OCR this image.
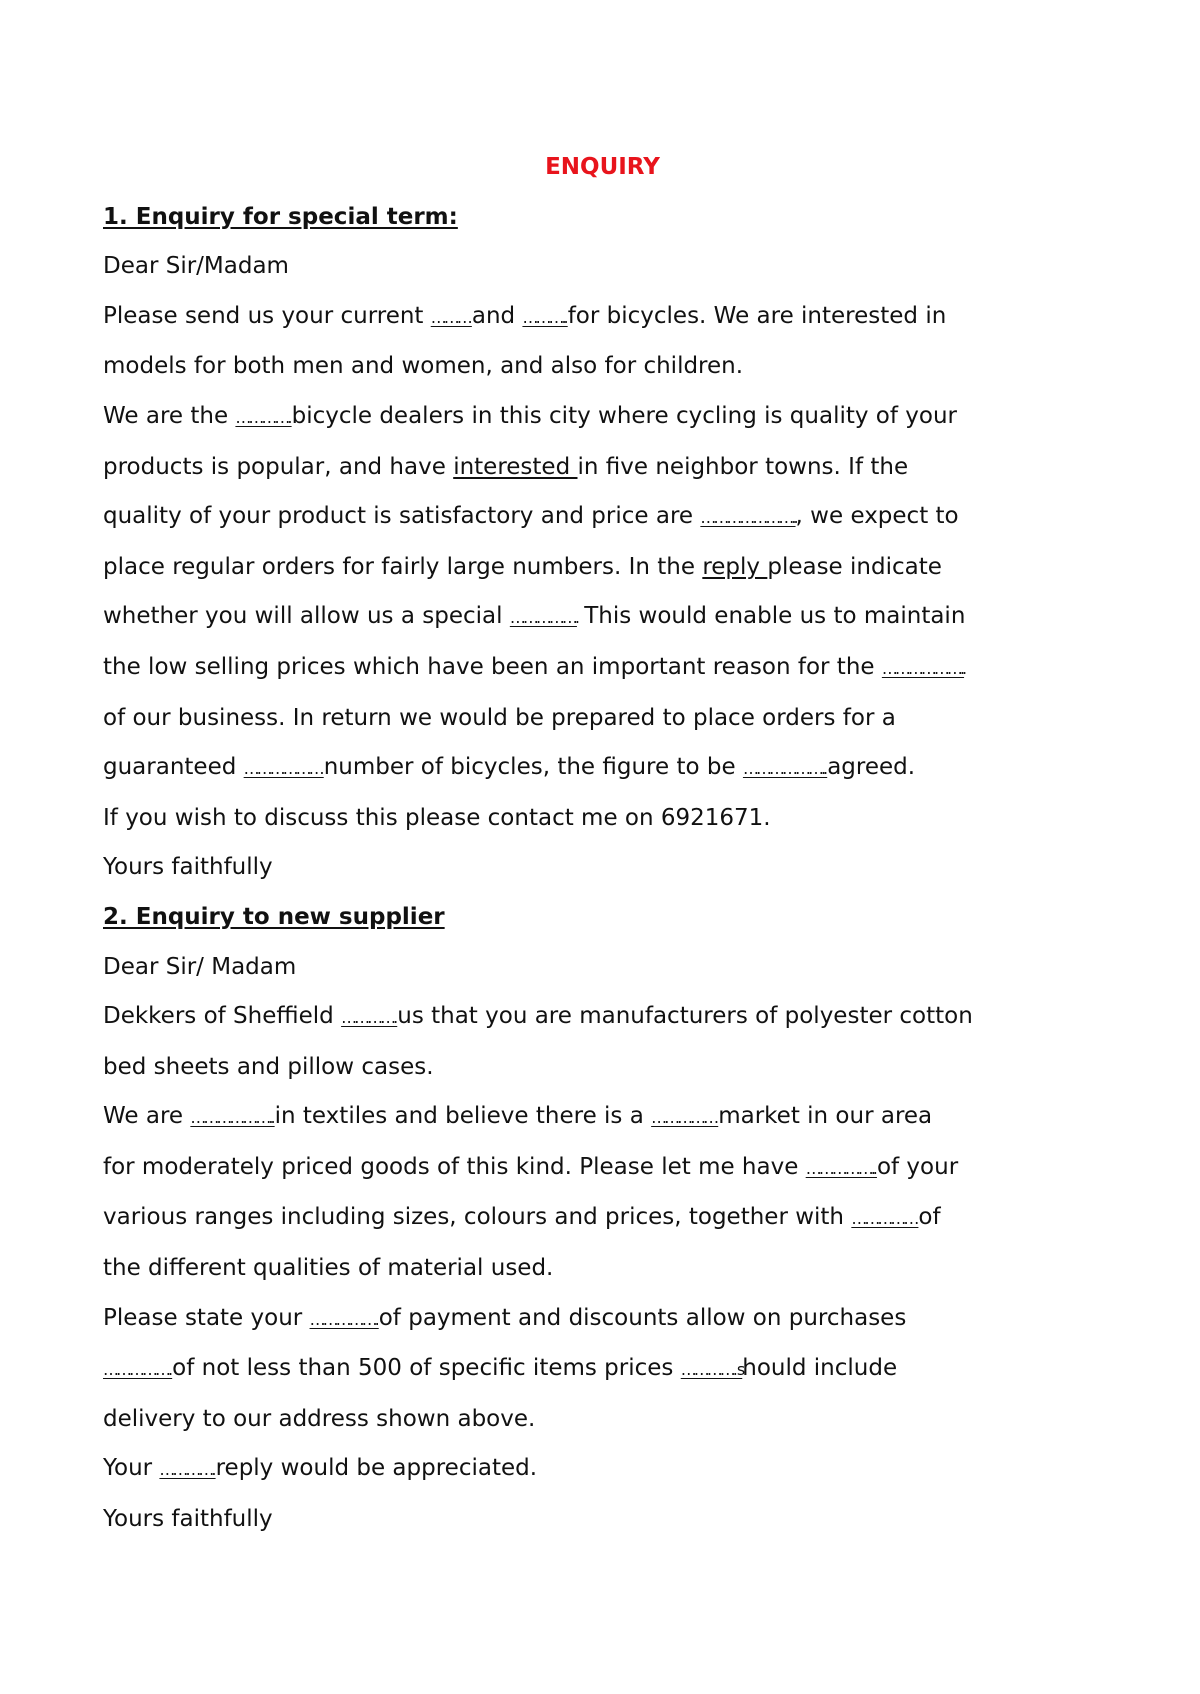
ENQUIRY
1. Enquiry for special term:

Dear Sir/Madam

Please send us your current ……… and ……….. for bicycles. We are interested in
models for both men and women, and also for children.
We are the …………. bicycle dealers in this city where cycling is quality of your
products is popular, and have interested in five neighbor towns. If the
quality of your product is satisfactory and price are ………………….., we expect to
place regular orders for fairly large numbers. In the reply please indicate
whether you will allow us a special ……………. This would enable us to maintain
the low selling prices which have been an important reason for the ………………..
of our business. In return we would be prepared to place orders for a
guaranteed ……………… number of bicycles, the figure to be ……………….. agreed.
If you wish to discuss this please contact me on 6921671.

Yours faithfully

2. Enquiry to new supplier

Dear Sir/ Madam

Dekkers of Sheffield …………. us that you are manufacturers of polyester cotton
bed sheets and pillow cases.
We are ……………….. in textiles and believe there is a …………… market in our area
for moderately priced goods of this kind. Please let me have …………….. of your
various ranges including sizes, colours and prices, together with …………… of
the different qualities of material used.
Please state your ……………. of payment and discounts allow on purchases
……………. of not less than 500 of specific items prices …………. should include
delivery to our address shown above.
Your …………. reply would be appreciated.

Yours faithfully
